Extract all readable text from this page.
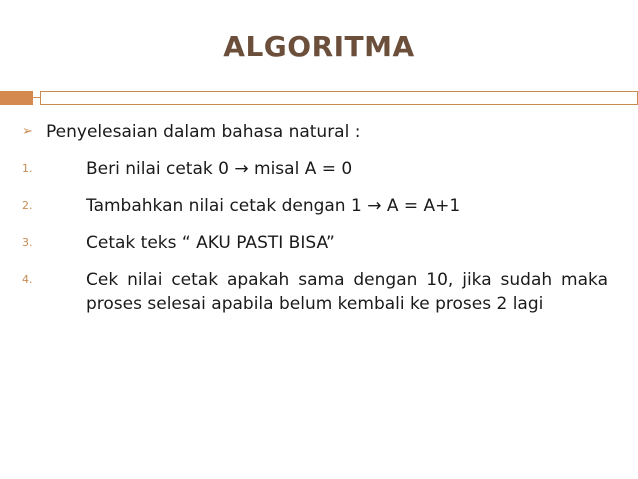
ALGORITMA
➢ Penyelesaian dalam bahasa natural :
1.	Beri nilai cetak 0 → misal A = 0
2.	Tambahkan nilai cetak dengan 1 → A = A+1
3.	Cetak teks “ AKU PASTI BISA”
4.	Cek nilai cetak apakah sama dengan 10, jika sudah maka proses selesai apabila belum kembali ke proses 2 lagi
